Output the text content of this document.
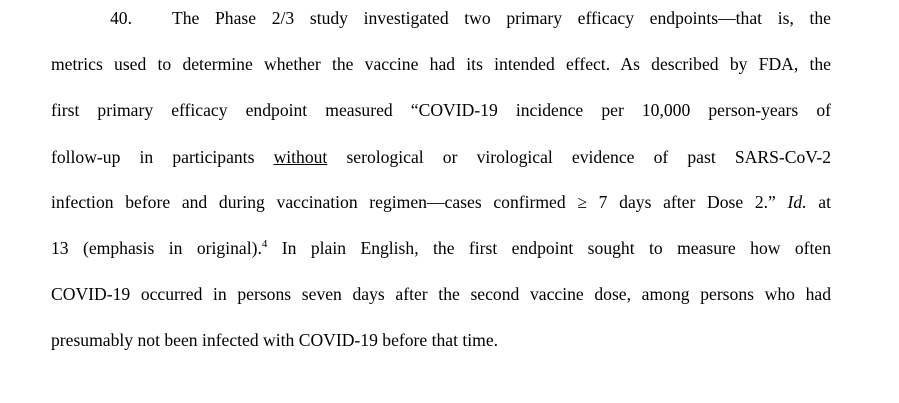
40. The Phase 2/3 study investigated two primary efficacy endpoints—that is, the
metrics used to determine whether the vaccine had its intended effect. As described by FDA, the
first primary efficacy endpoint measured “COVID-19 incidence per 10,000 person-years of
follow-up in participants without serological or virological evidence of past SARS-CoV-2
infection before and during vaccination regimen—cases confirmed ≥ 7 days after Dose 2.” Id. at
13 (emphasis in original).$^4$ In plain English, the first endpoint sought to measure how often
COVID-19 occurred in persons seven days after the second vaccine dose, among persons who had
presumably not been infected with COVID-19 before that time.
